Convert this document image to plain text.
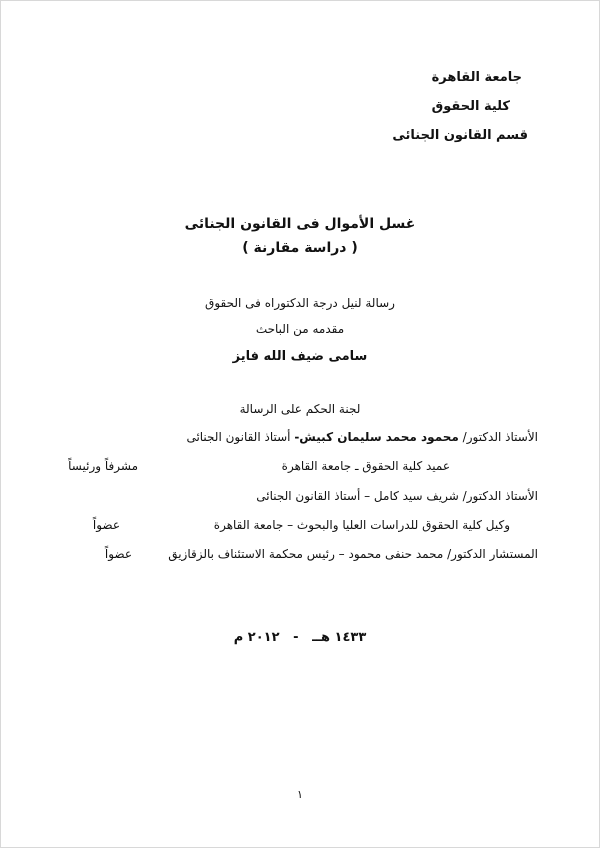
جامعة القاهرة
كلية الحقوق
قسم القانون الجنائى
غسل الأموال فى القانون الجنائى
( دراسة مقارنة )
رسالة لنيل درجة الدكتوراه فى الحقوق
مقدمه من الباحث
سامى ضيف الله فايز
لجنة الحكم على الرسالة
الأستاذ الدكتور/ محمود محمد سليمان كبيش- أستاذ القانون الجنائى
عميد كلية الحقوق ـ جامعة القاهرة
مشرفاً ورئيساً
الأستاذ الدكتور/ شريف سيد كامل – أستاذ القانون الجنائى
وكيل كلية الحقوق للدراسات العليا والبحوث – جامعة القاهرة
عضواً
المستشار الدكتور/ محمد حنفى محمود – رئيس محكمة الاستئناف بالزقازيق
عضواً
١٤٣٣ هــ   -   ٢٠١٢ م
١
